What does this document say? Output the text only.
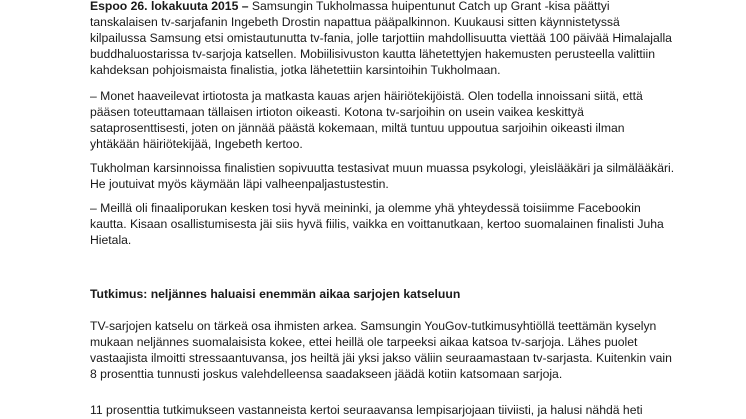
Espoo 26. lokakuuta 2015 – Samsungin Tukholmassa huipentunut Catch up Grant -kisa päättyi
tanskalaisen tv-sarjafanin Ingebeth Drostin napattua pääpalkinnon. Kuukausi sitten käynnistetyssä
kilpailussa Samsung etsi omistautunutta tv-fania, jolle tarjottiin mahdollisuutta viettää 100 päivää Himalajalla
buddhaluostarissa tv-sarjoja katsellen. Mobiilisivuston kautta lähetettyjen hakemusten perusteella valittiin
kahdeksan pohjoismaista finalistia, jotka lähetettiin karsintoihin Tukholmaan.

– Monet haaveilevat irtiotosta ja matkasta kauas arjen häiriötekijöistä. Olen todella innoissani siitä, että
pääsen toteuttamaan tällaisen irtioton oikeasti. Kotona tv-sarjoihin on usein vaikea keskittyä
sataprosenttisesti, joten on jännää päästä kokemaan, miltä tuntuu uppoutua sarjoihin oikeasti ilman
yhtäkään häiriötekijää, Ingebeth kertoo.

Tukholman karsinnoissa finalistien sopivuutta testasivat muun muassa psykologi, yleislääkäri ja silmälääkäri.
He joutuivat myös käymään läpi valheenpaljastustestin.

– Meillä oli finaaliporukan kesken tosi hyvä meininki, ja olemme yhä yhteydessä toisiimme Facebookin
kautta. Kisaan osallistumisesta jäi siis hyvä fiilis, vaikka en voittanutkaan, kertoo suomalainen finalisti Juha
Hietala.

Tutkimus: neljännes haluaisi enemmän aikaa sarjojen katseluun

TV-sarjojen katselu on tärkeä osa ihmisten arkea. Samsungin YouGov-tutkimusyhtiöllä teettämän kyselyn
mukaan neljännes suomalaisista kokee, ettei heillä ole tarpeeksi aikaa katsoa tv-sarjoja. Lähes puolet
vastaajista ilmoitti stressaantuvansa, jos heiltä jäi yksi jakso väliin seuraamastaan tv-sarjasta. Kuitenkin vain
8 prosenttia tunnusti joskus valehdelleensa saadakseen jäädä kotiin katsomaan sarjoja.

11 prosenttia tutkimukseen vastanneista kertoi seuraavansa lempisarjojaan tiiviisti, ja halusi nähdä heti
